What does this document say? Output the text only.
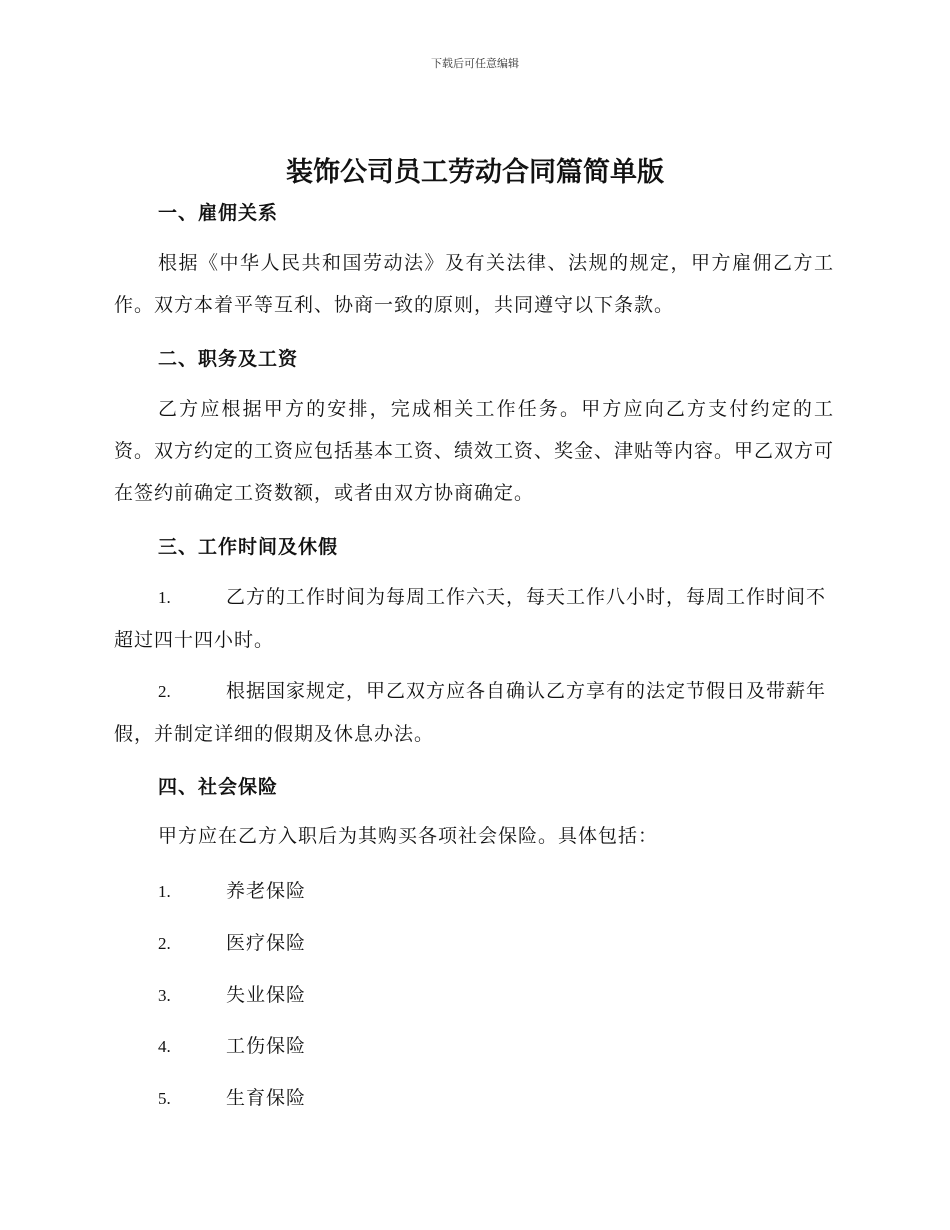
下载后可任意编辑
装饰公司员工劳动合同篇简单版
一、雇佣关系
根据《中华人民共和国劳动法》及有关法律、法规的规定，甲方雇佣乙方工作。双方本着平等互利、协商一致的原则，共同遵守以下条款。
二、职务及工资
乙方应根据甲方的安排，完成相关工作任务。甲方应向乙方支付约定的工资。双方约定的工资应包括基本工资、绩效工资、奖金、津贴等内容。甲乙双方可在签约前确定工资数额，或者由双方协商确定。
三、工作时间及休假
1.	乙方的工作时间为每周工作六天，每天工作八小时，每周工作时间不超过四十四小时。
2.	根据国家规定，甲乙双方应各自确认乙方享有的法定节假日及带薪年假，并制定详细的假期及休息办法。
四、社会保险
甲方应在乙方入职后为其购买各项社会保险。具体包括：
1.	养老保险
2.	医疗保险
3.	失业保险
4.	工伤保险
5.	生育保险
